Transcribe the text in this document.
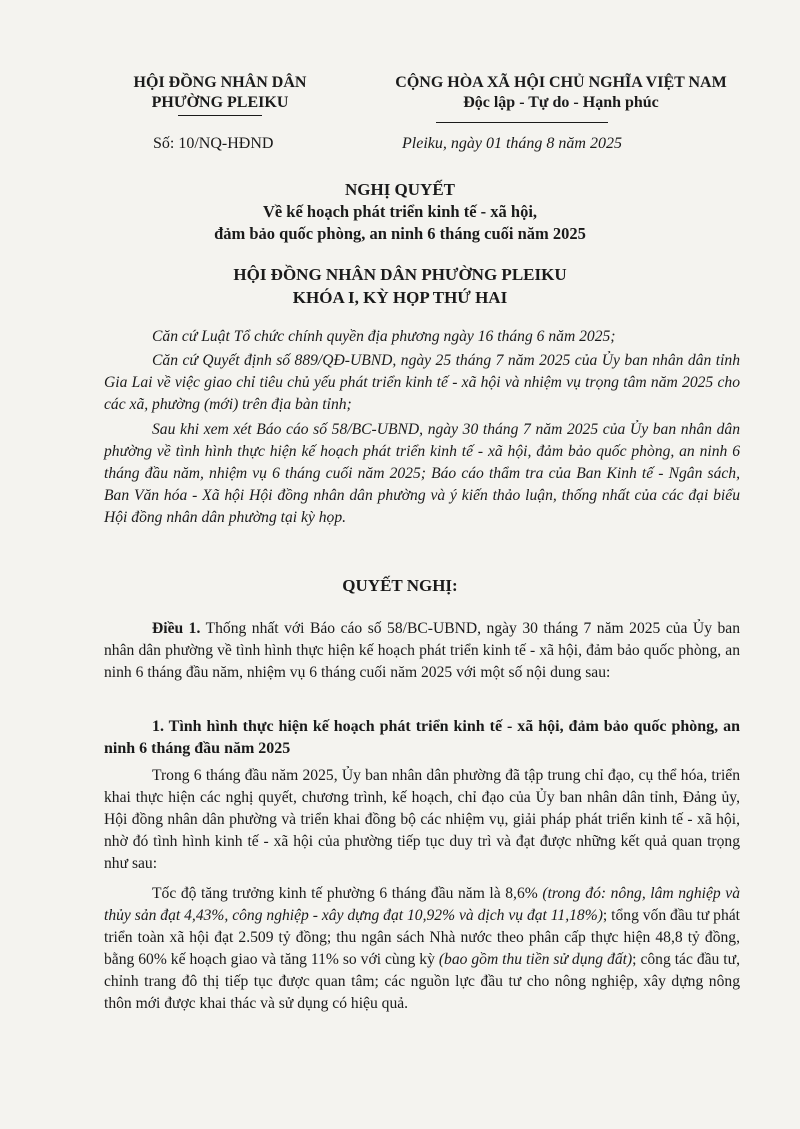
HỘI ĐỒNG NHÂN DÂN
PHƯỜNG PLEIKU
CỘNG HÒA XÃ HỘI CHỦ NGHĨA VIỆT NAM
Độc lập - Tự do - Hạnh phúc
Số: 10/NQ-HĐND	Pleiku, ngày 01 tháng 8 năm 2025
NGHỊ QUYẾT
Về kế hoạch phát triển kinh tế - xã hội,
đảm bảo quốc phòng, an ninh 6 tháng cuối năm 2025
HỘI ĐỒNG NHÂN DÂN PHƯỜNG PLEIKU
KHÓA I, KỲ HỌP THỨ HAI
Căn cứ Luật Tổ chức chính quyền địa phương ngày 16 tháng 6 năm 2025;
Căn cứ Quyết định số 889/QĐ-UBND, ngày 25 tháng 7 năm 2025 của Ủy ban nhân dân tỉnh Gia Lai về việc giao chỉ tiêu chủ yếu phát triển kinh tế - xã hội và nhiệm vụ trọng tâm năm 2025 cho các xã, phường (mới) trên địa bàn tỉnh;
Sau khi xem xét Báo cáo số 58/BC-UBND, ngày 30 tháng 7 năm 2025 của Ủy ban nhân dân phường về tình hình thực hiện kế hoạch phát triển kinh tế - xã hội, đảm bảo quốc phòng, an ninh 6 tháng đầu năm, nhiệm vụ 6 tháng cuối năm 2025; Báo cáo thẩm tra của Ban Kinh tế - Ngân sách, Ban Văn hóa - Xã hội Hội đồng nhân dân phường và ý kiến thảo luận, thống nhất của các đại biểu Hội đồng nhân dân phường tại kỳ họp.
QUYẾT NGHỊ:
Điều 1. Thống nhất với Báo cáo số 58/BC-UBND, ngày 30 tháng 7 năm 2025 của Ủy ban nhân dân phường về tình hình thực hiện kế hoạch phát triển kinh tế - xã hội, đảm bảo quốc phòng, an ninh 6 tháng đầu năm, nhiệm vụ 6 tháng cuối năm 2025 với một số nội dung sau:
1. Tình hình thực hiện kế hoạch phát triển kinh tế - xã hội, đảm bảo quốc phòng, an ninh 6 tháng đầu năm 2025
Trong 6 tháng đầu năm 2025, Ủy ban nhân dân phường đã tập trung chỉ đạo, cụ thể hóa, triển khai thực hiện các nghị quyết, chương trình, kế hoạch, chỉ đạo của Ủy ban nhân dân tỉnh, Đảng ủy, Hội đồng nhân dân phường và triển khai đồng bộ các nhiệm vụ, giải pháp phát triển kinh tế - xã hội, nhờ đó tình hình kinh tế - xã hội của phường tiếp tục duy trì và đạt được những kết quả quan trọng như sau:
Tốc độ tăng trưởng kinh tế phường 6 tháng đầu năm là 8,6% (trong đó: nông, lâm nghiệp và thủy sản đạt 4,43%, công nghiệp - xây dựng đạt 10,92% và dịch vụ đạt 11,18%); tổng vốn đầu tư phát triển toàn xã hội đạt 2.509 tỷ đồng; thu ngân sách Nhà nước theo phân cấp thực hiện 48,8 tỷ đồng, bằng 60% kế hoạch giao và tăng 11% so với cùng kỳ (bao gồm thu tiền sử dụng đất); công tác đầu tư, chỉnh trang đô thị tiếp tục được quan tâm; các nguồn lực đầu tư cho nông nghiệp, xây dựng nông thôn mới được khai thác và sử dụng có hiệu quả.
